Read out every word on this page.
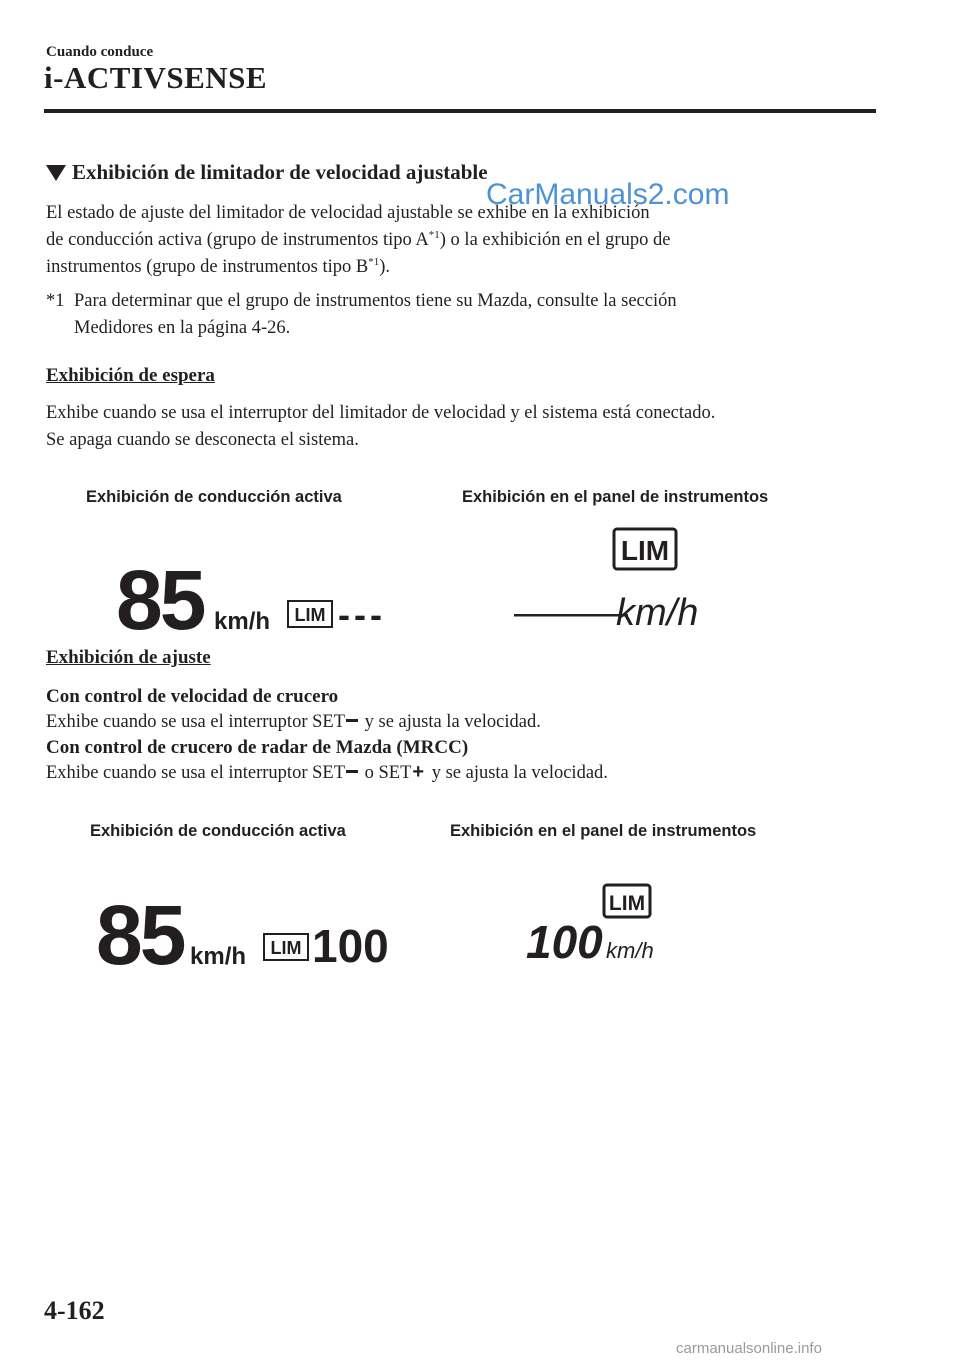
Cuando conduce
i-ACTIVSENSE
Exhibición de limitador de velocidad ajustable
El estado de ajuste del limitador de velocidad ajustable se exhibe en la exhibición
de conducción activa (grupo de instrumentos tipo $A^{*1}$) o la exhibición en el grupo de
instrumentos (grupo de instrumentos tipo $B^{*1}$).
CarManuals2.com
*1 Para determinar que el grupo de instrumentos tiene su Mazda, consulte la sección
Medidores en la página 4-26.
Exhibición de espera
Exhibe cuando se usa el interruptor del limitador de velocidad y el sistema está conectado.
Se apaga cuando se desconecta el sistema.
Exhibición de conducción activa	Exhibición en el panel de instrumentos
85 km/h LIM ---
LIM
———
km/h
Exhibición de ajuste
Con control de velocidad de crucero
Exhibe cuando se usa el interruptor SET y se ajusta la velocidad.
Con control de crucero de radar de Mazda (MRCC)
Exhibe cuando se usa el interruptor SET o SET+ y se ajusta la velocidad.
Exhibición de conducción activa	Exhibición en el panel de instrumentos
85 km/h LIM 100
LIM
100 km/h
4-162
carmanualsonline.info
